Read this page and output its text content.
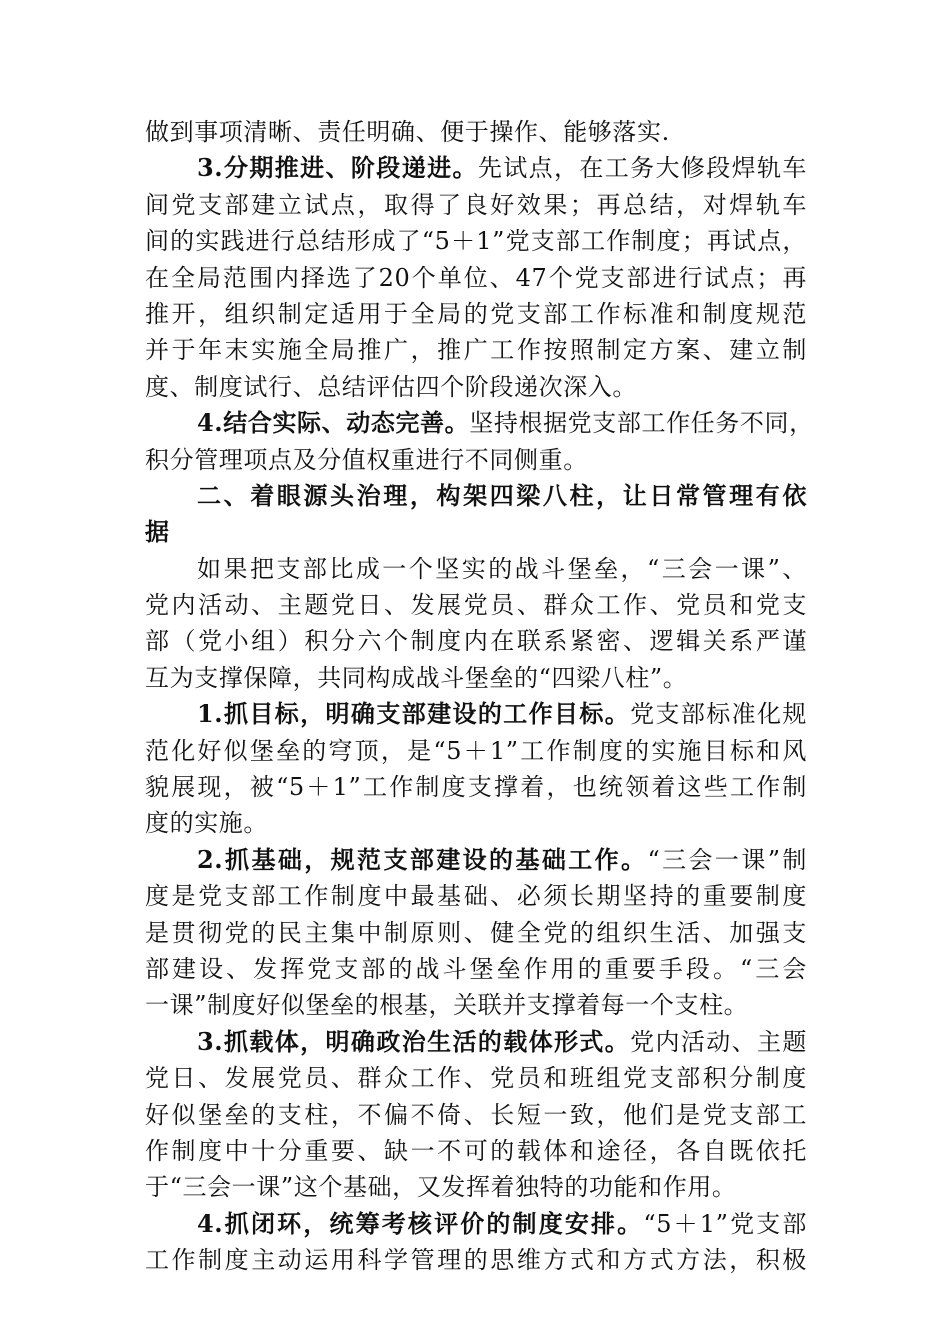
做到事项清晰、责任明确、便于操作、能够落实.
3.分期推进、阶段递进。先试点，在工务大修段焊轨车
间党支部建立试点，取得了良好效果；再总结，对焊轨车
间的实践进行总结形成了“5＋1”党支部工作制度；再试点，
在全局范围内择选了20个单位、47个党支部进行试点；再
推开，组织制定适用于全局的党支部工作标准和制度规范
并于年末实施全局推广，推广工作按照制定方案、建立制
度、制度试行、总结评估四个阶段递次深入。
4.结合实际、动态完善。坚持根据党支部工作任务不同，
积分管理项点及分值权重进行不同侧重。
二、着眼源头治理，构架四梁八柱，让日常管理有依
据
如果把支部比成一个坚实的战斗堡垒，“三会一课”、
党内活动、主题党日、发展党员、群众工作、党员和党支
部（党小组）积分六个制度内在联系紧密、逻辑关系严谨
互为支撑保障，共同构成战斗堡垒的“四梁八柱”。
1.抓目标，明确支部建设的工作目标。党支部标准化规
范化好似堡垒的穹顶，是“5＋1”工作制度的实施目标和风
貌展现，被“5＋1”工作制度支撑着，也统领着这些工作制
度的实施。
2.抓基础，规范支部建设的基础工作。“三会一课”制
度是党支部工作制度中最基础、必须长期坚持的重要制度
是贯彻党的民主集中制原则、健全党的组织生活、加强支
部建设、发挥党支部的战斗堡垒作用的重要手段。“三会
一课”制度好似堡垒的根基，关联并支撑着每一个支柱。
3.抓载体，明确政治生活的载体形式。党内活动、主题
党日、发展党员、群众工作、党员和班组党支部积分制度
好似堡垒的支柱，不偏不倚、长短一致，他们是党支部工
作制度中十分重要、缺一不可的载体和途径，各自既依托
于“三会一课”这个基础，又发挥着独特的功能和作用。
4.抓闭环，统筹考核评价的制度安排。“5＋1”党支部
工作制度主动运用科学管理的思维方式和方式方法，积极
